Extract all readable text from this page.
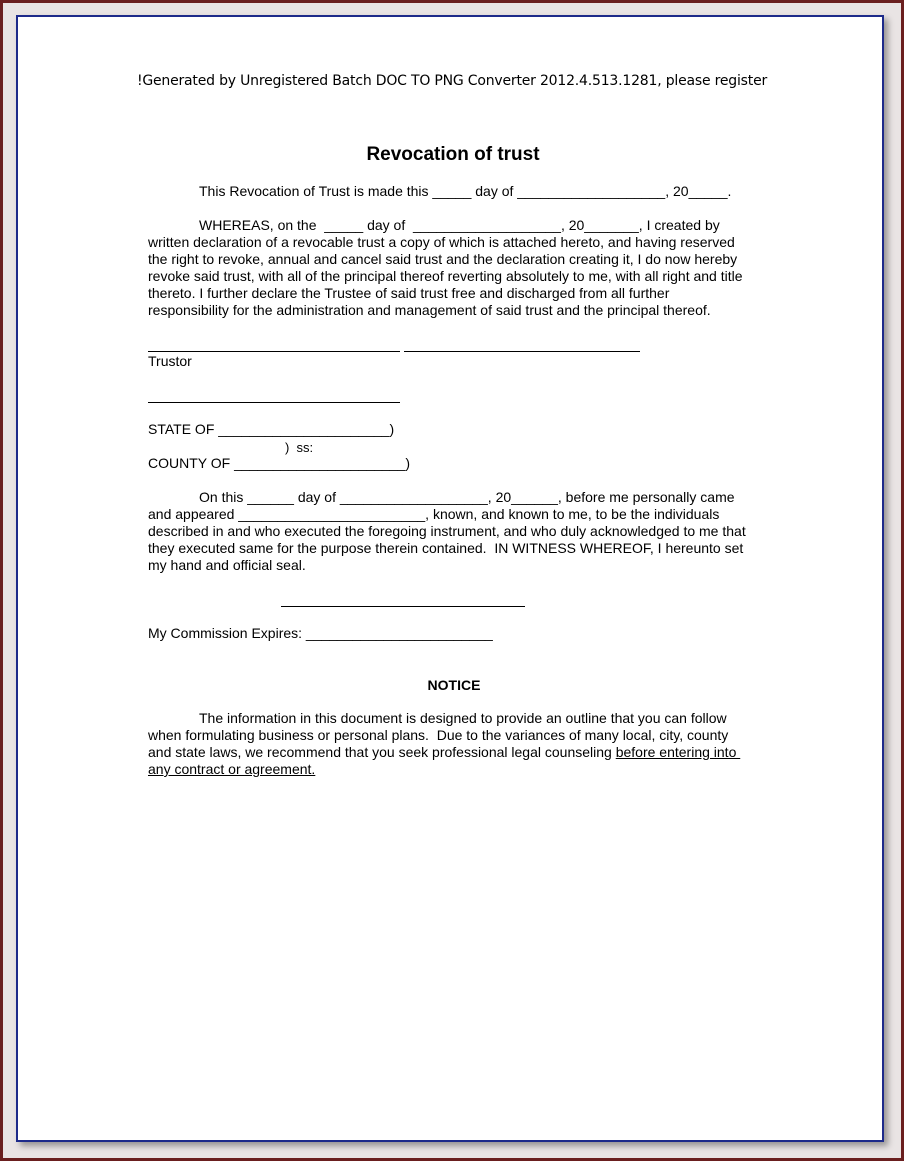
!Generated by Unregistered Batch DOC TO PNG Converter 2012.4.513.1281, please register
Revocation of trust
This Revocation of Trust is made this _____ day of ___________________, 20_____.
WHEREAS, on the  _____ day of  ___________________, 20_______, I created by
written declaration of a revocable trust a copy of which is attached hereto, and having reserved
the right to revoke, annual and cancel said trust and the declaration creating it, I do now hereby
revoke said trust, with all of the principal thereof reverting absolutely to me, with all right and title
thereto. I further declare the Trustee of said trust free and discharged from all further
responsibility for the administration and management of said trust and the principal thereof.
Trustor
STATE OF ______________________)
)  ss:
COUNTY OF ______________________)
On this ______ day of ___________________, 20______, before me personally came
and appeared ________________________, known, and known to me, to be the individuals
described in and who executed the foregoing instrument, and who duly acknowledged to me that
they executed same for the purpose therein contained.  IN WITNESS WHEREOF, I hereunto set
my hand and official seal.
My Commission Expires: ________________________
NOTICE
The information in this document is designed to provide an outline that you can follow
when formulating business or personal plans.  Due to the variances of many local, city, county
and state laws, we recommend that you seek professional legal counseling before entering into
any contract or agreement.
